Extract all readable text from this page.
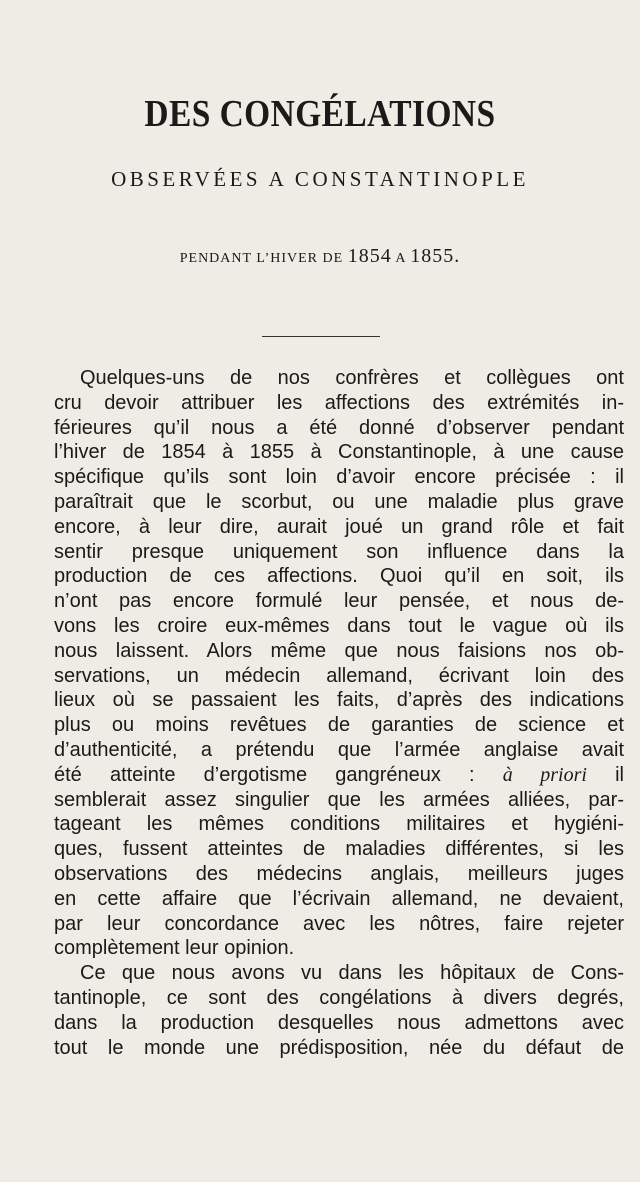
DES CONGÉLATIONS
OBSERVÉES A CONSTANTINOPLE
PENDANT L’HIVER DE 1854 A 1855.
Quelques-uns de nos confrères et collègues ont
cru devoir attribuer les affections des extrémités in-
férieures qu’il nous a été donné d’observer pendant
l’hiver de 1854 à 1855 à Constantinople, à une cause
spécifique qu’ils sont loin d’avoir encore précisée : il
paraîtrait que le scorbut, ou une maladie plus grave
encore, à leur dire, aurait joué un grand rôle et fait
sentir presque uniquement son influence dans la
production de ces affections. Quoi qu’il en soit, ils
n’ont pas encore formulé leur pensée, et nous de-
vons les croire eux-mêmes dans tout le vague où ils
nous laissent. Alors même que nous faisions nos ob-
servations, un médecin allemand, écrivant loin des
lieux où se passaient les faits, d’après des indications
plus ou moins revêtues de garanties de science et
d’authenticité, a prétendu que l’armée anglaise avait
été atteinte d’ergotisme gangréneux : à priori il
semblerait assez singulier que les armées alliées, par-
tageant les mêmes conditions militaires et hygiéni-
ques, fussent atteintes de maladies différentes, si les
observations des médecins anglais, meilleurs juges
en cette affaire que l’écrivain allemand, ne devaient,
par leur concordance avec les nôtres, faire rejeter
complètement leur opinion.
Ce que nous avons vu dans les hôpitaux de Cons-
tantinople, ce sont des congélations à divers degrés,
dans la production desquelles nous admettons avec
tout le monde une prédisposition, née du défaut de
